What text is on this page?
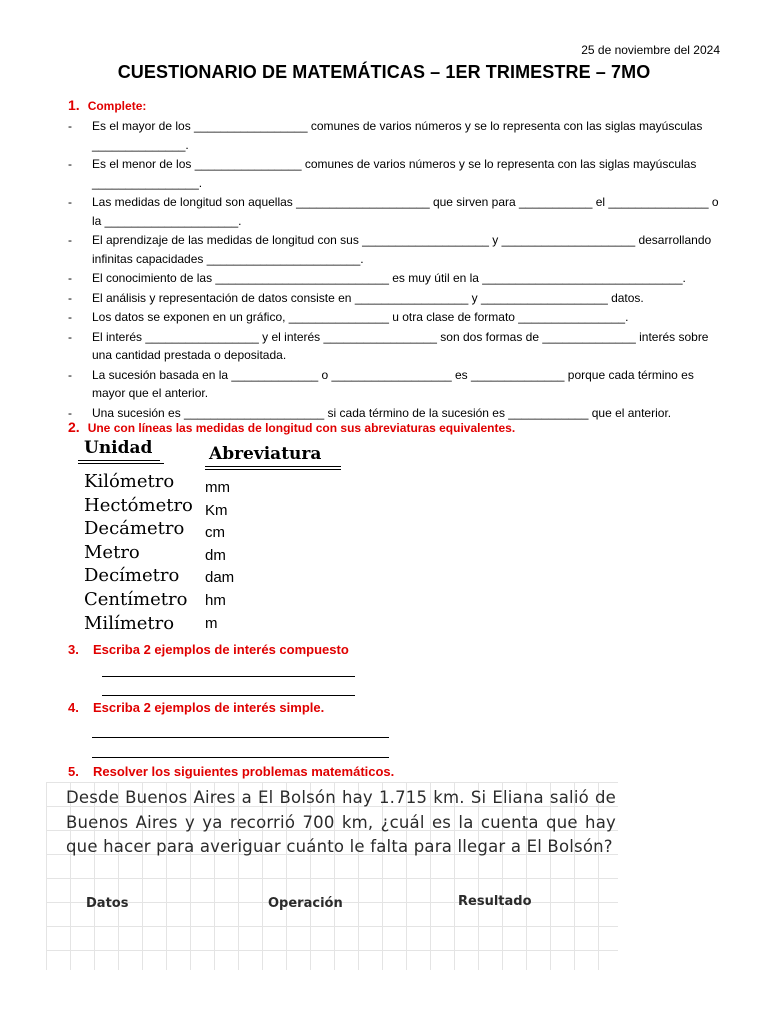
25 de noviembre del 2024
CUESTIONARIO DE MATEMÁTICAS – 1ER TRIMESTRE – 7MO
1. Complete:
- Es el mayor de los _________________ comunes de varios números y se lo representa con las siglas mayúsculas ______________.
- Es el menor de los ________________ comunes de varios números y se lo representa con las siglas mayúsculas ________________.
- Las medidas de longitud son aquellas ____________________ que sirven para ___________ el _______________ o la ____________________.
- El aprendizaje de las medidas de longitud con sus ___________________ y ____________________ desarrollando infinitas capacidades _______________________.
- El conocimiento de las __________________________ es muy útil en la ______________________________.
- El análisis y representación de datos consiste en _________________ y ___________________ datos.
- Los datos se exponen en un gráfico, _______________ u otra clase de formato ________________.
- El interés _________________ y el interés _________________ son dos formas de ______________ interés sobre una cantidad prestada o depositada.
- La sucesión basada en la _____________ o __________________ es ______________ porque cada término es mayor que el anterior.
- Una sucesión es _____________________ si cada término de la sucesión es ____________ que el anterior.
2. Une con líneas las medidas de longitud con sus abreviaturas equivalentes.
Unidad
Kilómetro
Hectómetro
Decámetro
Metro
Decímetro
Centímetro
Milímetro
Abreviatura
mm
Km
cm
dm
dam
hm
m
3. Escriba 2 ejemplos de interés compuesto
4. Escriba 2 ejemplos de interés simple.
5. Resolver los siguientes problemas matemáticos.
Desde Buenos Aires a El Bolsón hay 1.715 km. Si Eliana salió de Buenos Aires y ya recorrió 700 km, ¿cuál es la cuenta que hay que hacer para averiguar cuánto le falta para llegar a El Bolsón?
Datos	Operación	Resultado
